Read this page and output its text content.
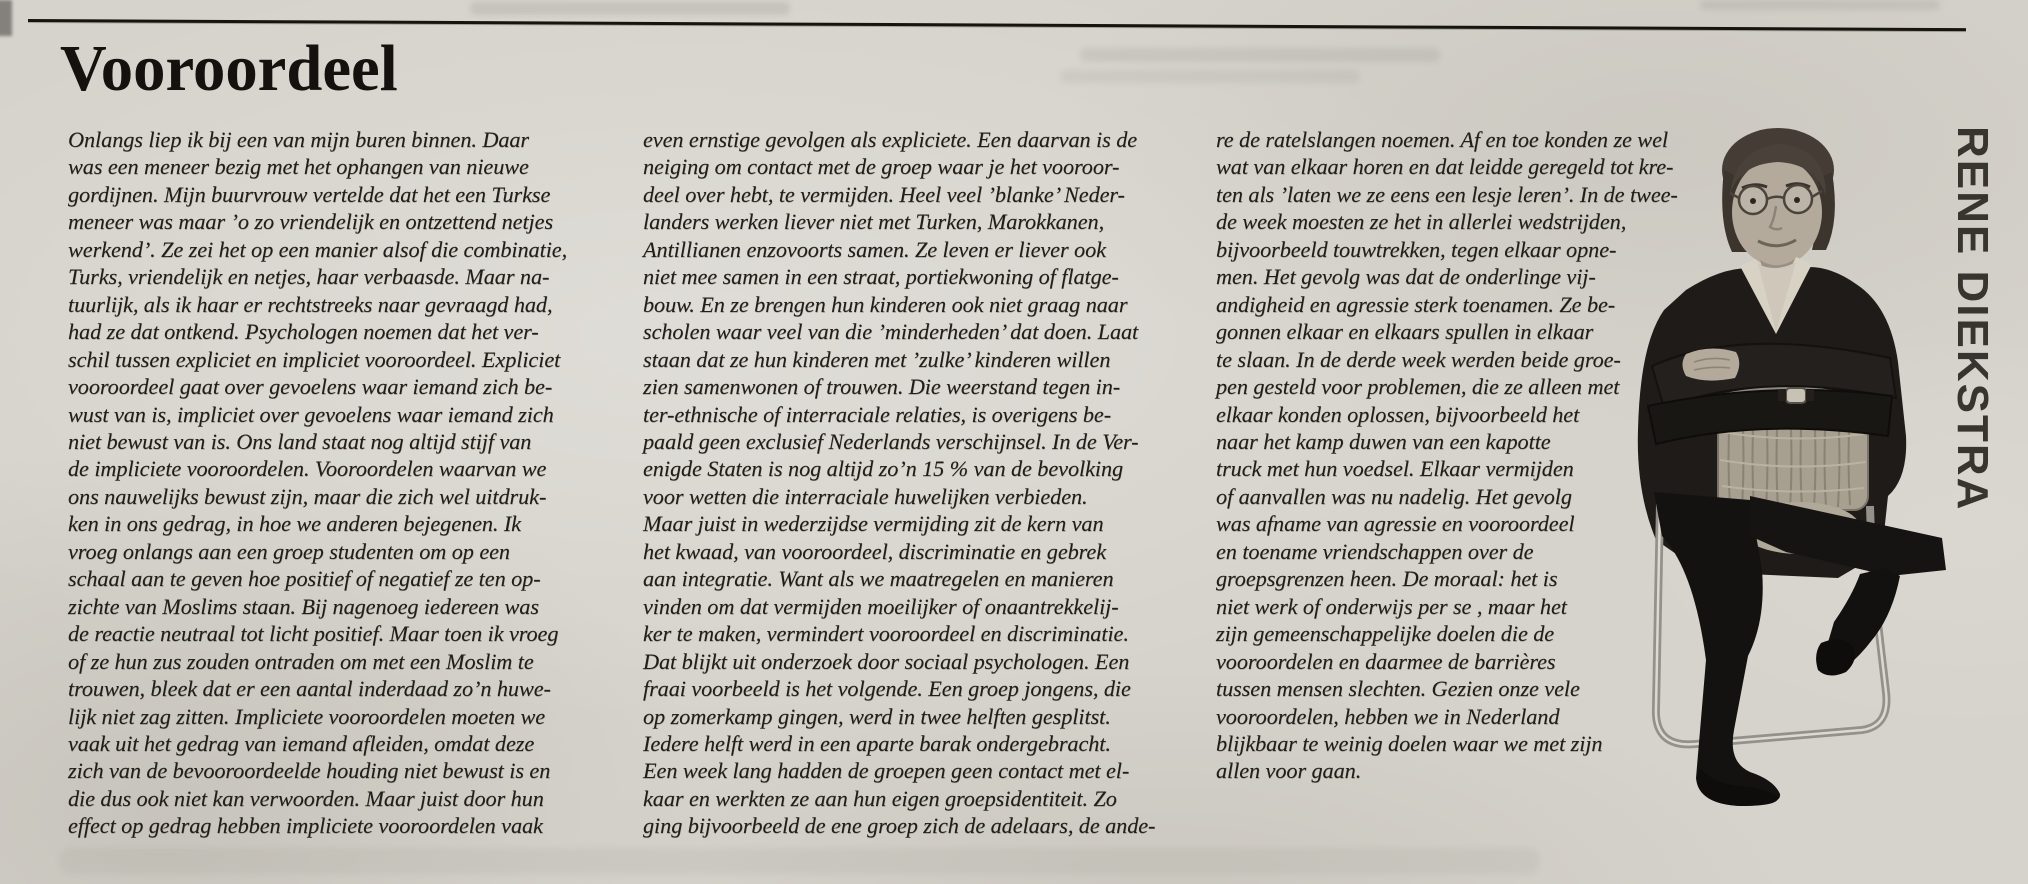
Vooroordeel
Onlangs liep ik bij een van mijn buren binnen. Daar
was een meneer bezig met het ophangen van nieuwe
gordijnen. Mijn buurvrouw vertelde dat het een Turkse
meneer was maar ’o zo vriendelijk en ontzettend netjes
werkend’. Ze zei het op een manier alsof die combinatie,
Turks, vriendelijk en netjes, haar verbaasde. Maar na-
tuurlijk, als ik haar er rechtstreeks naar gevraagd had,
had ze dat ontkend. Psychologen noemen dat het ver-
schil tussen expliciet en impliciet vooroordeel. Expliciet
vooroordeel gaat over gevoelens waar iemand zich be-
wust van is, impliciet over gevoelens waar iemand zich
niet bewust van is. Ons land staat nog altijd stijf van
de impliciete vooroordelen. Vooroordelen waarvan we
ons nauwelijks bewust zijn, maar die zich wel uitdruk-
ken in ons gedrag, in hoe we anderen bejegenen. Ik
vroeg onlangs aan een groep studenten om op een
schaal aan te geven hoe positief of negatief ze ten op-
zichte van Moslims staan. Bij nagenoeg iedereen was
de reactie neutraal tot licht positief. Maar toen ik vroeg
of ze hun zus zouden ontraden om met een Moslim te
trouwen, bleek dat er een aantal inderdaad zo’n huwe-
lijk niet zag zitten. Impliciete vooroordelen moeten we
vaak uit het gedrag van iemand afleiden, omdat deze
zich van de bevooroordeelde houding niet bewust is en
die dus ook niet kan verwoorden. Maar juist door hun
effect op gedrag hebben impliciete vooroordelen vaak
even ernstige gevolgen als expliciete. Een daarvan is de
neiging om contact met de groep waar je het vooroor-
deel over hebt, te vermijden. Heel veel ’blanke’ Neder-
landers werken liever niet met Turken, Marokkanen,
Antillianen enzovoorts samen. Ze leven er liever ook
niet mee samen in een straat, portiekwoning of flatge-
bouw. En ze brengen hun kinderen ook niet graag naar
scholen waar veel van die ’minderheden’ dat doen. Laat
staan dat ze hun kinderen met ’zulke’ kinderen willen
zien samenwonen of trouwen. Die weerstand tegen in-
ter-ethnische of interraciale relaties, is overigens be-
paald geen exclusief Nederlands verschijnsel. In de Ver-
enigde Staten is nog altijd zo’n 15 % van de bevolking
voor wetten die interraciale huwelijken verbieden.
Maar juist in wederzijdse vermijding zit de kern van
het kwaad, van vooroordeel, discriminatie en gebrek
aan integratie. Want als we maatregelen en manieren
vinden om dat vermijden moeilijker of onaantrekkelij-
ker te maken, vermindert vooroordeel en discriminatie.
Dat blijkt uit onderzoek door sociaal psychologen. Een
fraai voorbeeld is het volgende. Een groep jongens, die
op zomerkamp gingen, werd in twee helften gesplitst.
Iedere helft werd in een aparte barak ondergebracht.
Een week lang hadden de groepen geen contact met el-
kaar en werkten ze aan hun eigen groepsidentiteit. Zo
ging bijvoorbeeld de ene groep zich de adelaars, de ande-
re de ratelslangen noemen. Af en toe konden ze wel
wat van elkaar horen en dat leidde geregeld tot kre-
ten als ’laten we ze eens een lesje leren’. In de twee-
de week moesten ze het in allerlei wedstrijden,
bijvoorbeeld touwtrekken, tegen elkaar opne-
men. Het gevolg was dat de onderlinge vij-
andigheid en agressie sterk toenamen. Ze be-
gonnen elkaar en elkaars spullen in elkaar
te slaan. In de derde week werden beide groe-
pen gesteld voor problemen, die ze alleen met
elkaar konden oplossen, bijvoorbeeld het
naar het kamp duwen van een kapotte
truck met hun voedsel. Elkaar vermijden
of aanvallen was nu nadelig. Het gevolg
was afname van agressie en vooroordeel
en toename vriendschappen over de
groepsgrenzen heen. De moraal: het is
niet werk of onderwijs per se , maar het
zijn gemeenschappelijke doelen die de
vooroordelen en daarmee de barrières
tussen mensen slechten. Gezien onze vele
vooroordelen, hebben we in Nederland
blijkbaar te weinig doelen waar we met zijn
allen voor gaan.
RENE DIEKSTRA
